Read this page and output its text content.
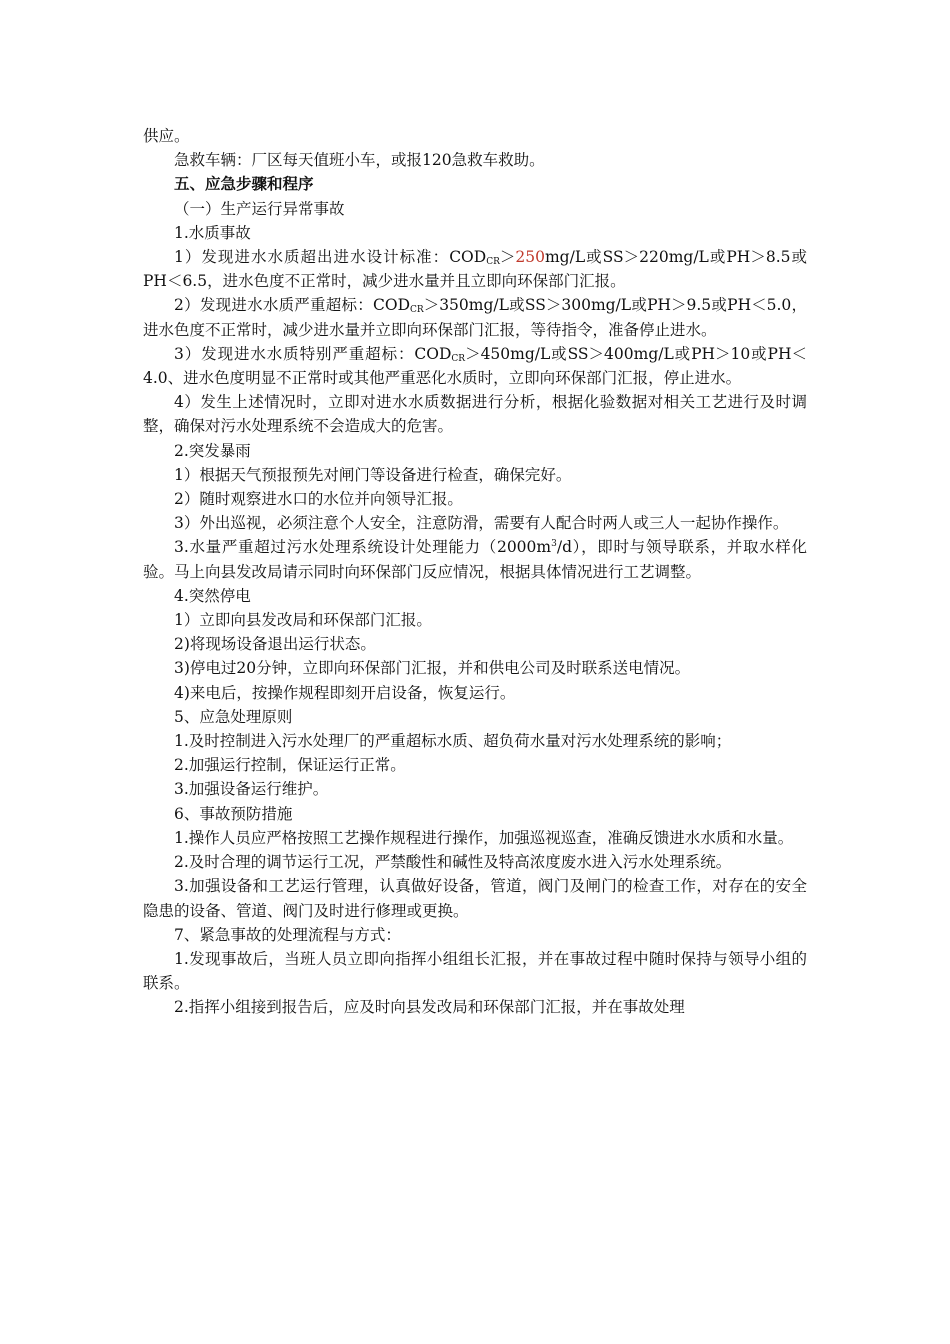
供应。

急救车辆：厂区每天值班小车，或报120急救车救助。

五、应急步骤和程序

（一）生产运行异常事故

1.水质事故

1）发现进水水质超出进水设计标准：$COD_{CR}>250mg/L$或SS＞220mg/L或PH＞8.5或PH＜6.5，进水色度不正常时，减少进水量并且立即向环保部门汇报。

2）发现进水水质严重超标：$COD_{CR}>350mg/L$或SS＞300mg/L或PH＞9.5或PH＜5.0，进水色度不正常时，减少进水量并立即向环保部门汇报，等待指令，准备停止进水。

3）发现进水水质特别严重超标：$COD_{CR}>450mg/L$或SS＞400mg/L或PH＞10或PH＜4.0、进水色度明显不正常时或其他严重恶化水质时，立即向环保部门汇报，停止进水。

4）发生上述情况时，立即对进水水质数据进行分析，根据化验数据对相关工艺进行及时调整，确保对污水处理系统不会造成大的危害。

2.突发暴雨

1）根据天气预报预先对闸门等设备进行检查，确保完好。

2）随时观察进水口的水位并向领导汇报。

3）外出巡视，必须注意个人安全，注意防滑，需要有人配合时两人或三人一起协作操作。

3.水量严重超过污水处理系统设计处理能力$(2000m^3/d)$，即时与领导联系，并取水样化验。马上向县发改局请示同时向环保部门反应情况，根据具体情况进行工艺调整。

4.突然停电

1）立即向县发改局和环保部门汇报。

2)将现场设备退出运行状态。

3)停电过20分钟，立即向环保部门汇报，并和供电公司及时联系送电情况。

4)来电后，按操作规程即刻开启设备，恢复运行。

5、应急处理原则

1.及时控制进入污水处理厂的严重超标水质、超负荷水量对污水处理系统的影响；

2.加强运行控制，保证运行正常。

3.加强设备运行维护。

6、事故预防措施

1.操作人员应严格按照工艺操作规程进行操作，加强巡视巡查，准确反馈进水水质和水量。

2.及时合理的调节运行工况，严禁酸性和碱性及特高浓度废水进入污水处理系统。

3.加强设备和工艺运行管理，认真做好设备，管道，阀门及闸门的检查工作，对存在的安全隐患的设备、管道、阀门及时进行修理或更换。

7、紧急事故的处理流程与方式：

1.发现事故后，当班人员立即向指挥小组组长汇报，并在事故过程中随时保持与领导小组的联系。

2.指挥小组接到报告后，应及时向县发改局和环保部门汇报，并在事故处理
